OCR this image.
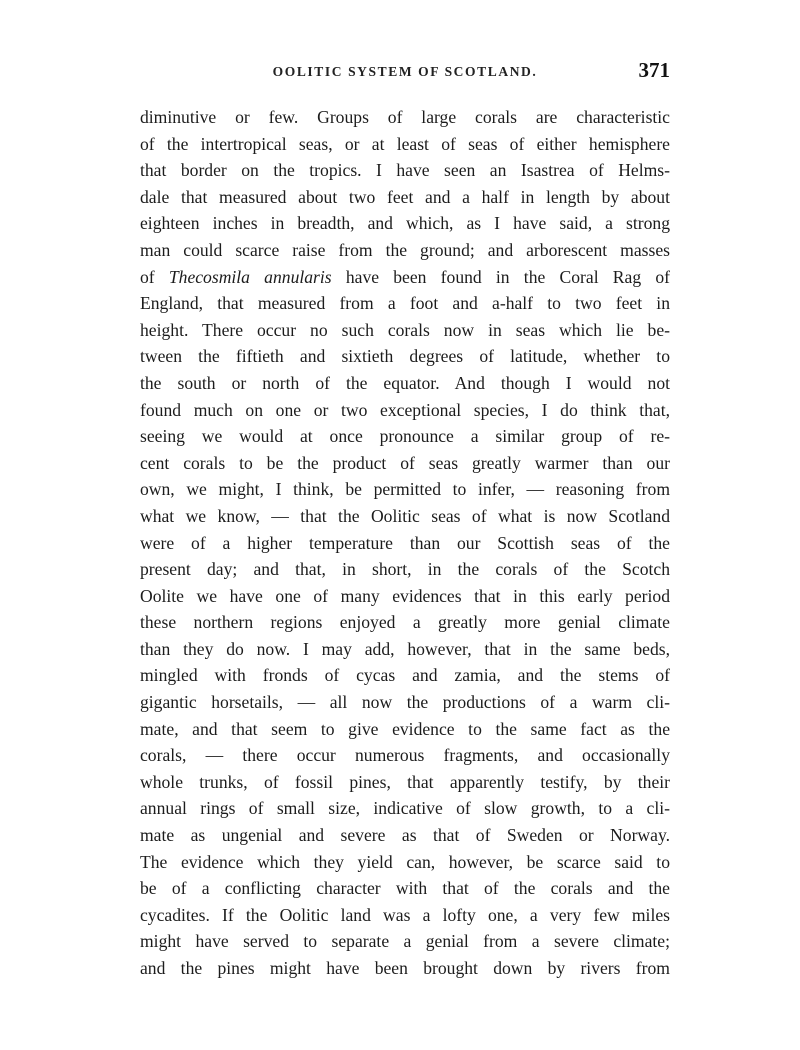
OOLITIC SYSTEM OF SCOTLAND.	371
diminutive or few. Groups of large corals are characteristic
of the intertropical seas, or at least of seas of either hemisphere
that border on the tropics. I have seen an Isastrea of Helms-
dale that measured about two feet and a half in length by about
eighteen inches in breadth, and which, as I have said, a strong
man could scarce raise from the ground; and arborescent masses
of Thecosmila annularis have been found in the Coral Rag of
England, that measured from a foot and a-half to two feet in
height. There occur no such corals now in seas which lie be-
tween the fiftieth and sixtieth degrees of latitude, whether to
the south or north of the equator. And though I would not
found much on one or two exceptional species, I do think that,
seeing we would at once pronounce a similar group of re-
cent corals to be the product of seas greatly warmer than our
own, we might, I think, be permitted to infer, — reasoning from
what we know, — that the Oolitic seas of what is now Scotland
were of a higher temperature than our Scottish seas of the
present day; and that, in short, in the corals of the Scotch
Oolite we have one of many evidences that in this early period
these northern regions enjoyed a greatly more genial climate
than they do now. I may add, however, that in the same beds,
mingled with fronds of cycas and zamia, and the stems of
gigantic horsetails, — all now the productions of a warm cli-
mate, and that seem to give evidence to the same fact as the
corals, — there occur numerous fragments, and occasionally
whole trunks, of fossil pines, that apparently testify, by their
annual rings of small size, indicative of slow growth, to a cli-
mate as ungenial and severe as that of Sweden or Norway.
The evidence which they yield can, however, be scarce said to
be of a conflicting character with that of the corals and the
cycadites. If the Oolitic land was a lofty one, a very few miles
might have served to separate a genial from a severe climate;
and the pines might have been brought down by rivers from
